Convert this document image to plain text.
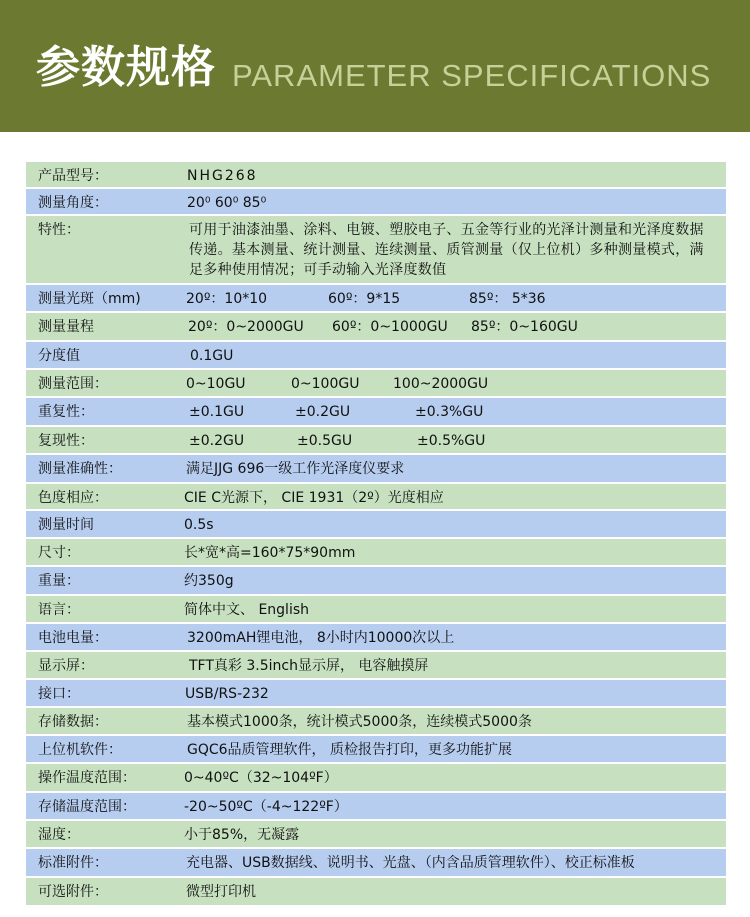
参数规格 PARAMETER SPECIFICATIONS
产品型号：	NHG268
测量角度：	20⁰ 60⁰ 85⁰
特性：	可用于油漆油墨、涂料、电镀、塑胶电子、五金等行业的光泽计测量和光泽度数据传递。基本测量、统计测量、连续测量、质管测量（仅上位机）多种测量模式，满足多种使用情况；可手动输入光泽度数值
测量光斑（mm)	20º：10*10	60º：9*15	85º： 5*36
测量量程	20º：0~2000GU	60º：0~1000GU	85º：0~160GU
分度值	0.1GU
测量范围：	0~10GU	0~100GU	100~2000GU
重复性：	±0.1GU	±0.2GU	±0.3%GU
复现性：	±0.2GU	±0.5GU	±0.5%GU
测量准确性：	满足JJG 696一级工作光泽度仪要求
色度相应：	CIE C光源下， CIE 1931（2º）光度相应
测量时间	0.5s
尺寸：	长*宽*高=160*75*90mm
重量：	约350g
语言：	简体中文、 English
电池电量：	3200mAH锂电池， 8小时内10000次以上
显示屏：	TFT真彩 3.5inch显示屏， 电容触摸屏
接口：	USB/RS-232
存储数据：	基本模式1000条，统计模式5000条，连续模式5000条
上位机软件：	GQC6品质管理软件， 质检报告打印，更多功能扩展
操作温度范围：	0~40ºC（32~104ºF）
存储温度范围：	-20~50ºC（-4~122ºF）
湿度：	小于85%，无凝露
标准附件：	充电器、USB数据线、说明书、光盘、（内含品质管理软件）、校正标准板
可选附件：	微型打印机
